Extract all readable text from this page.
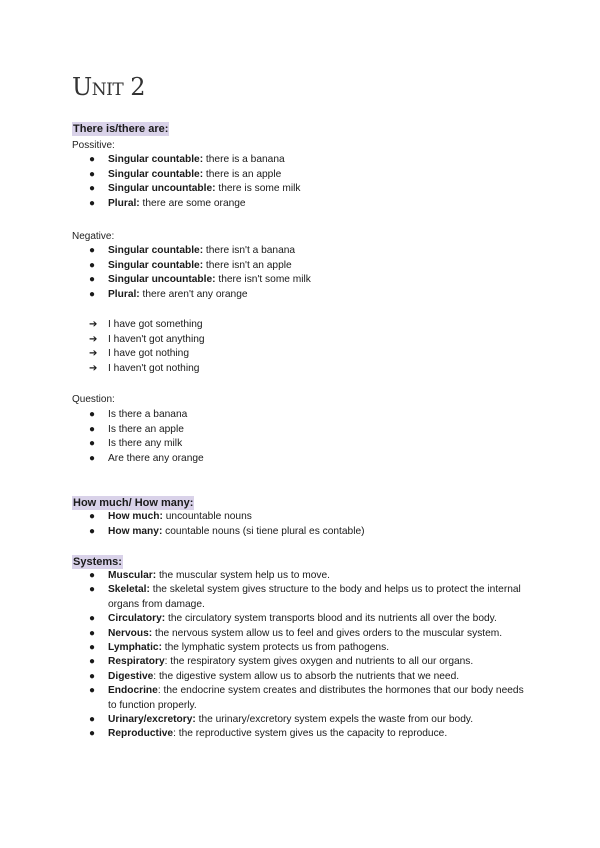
Unit 2
There is/there are:
Possitive:
● Singular countable: there is a banana
● Singular countable: there is an apple
● Singular uncountable: there is some milk
● Plural: there are some orange
Negative:
● Singular countable: there isn't a banana
● Singular countable: there isn't an apple
● Singular uncountable: there isn't some milk
● Plural: there aren't any orange
➔ I have got something
➔ I haven't got anything
➔ I have got nothing
➔ I haven't got nothing
Question:
● Is there a banana
● Is there an apple
● Is there any milk
● Are there any orange
How much/ How many:
● How much: uncountable nouns
● How many: countable nouns (si tiene plural es contable)
Systems:
● Muscular: the muscular system help us to move.
● Skeletal: the skeletal system gives structure to the body and helps us to protect the internal organs from damage.
● Circulatory: the circulatory system transports blood and its nutrients all over the body.
● Nervous: the nervous system allow us to feel and gives orders to the muscular system.
● Lymphatic: the lymphatic system protects us from pathogens.
● Respiratory: the respiratory system gives oxygen and nutrients to all our organs.
● Digestive: the digestive system allow us to absorb the nutrients that we need.
● Endocrine: the endocrine system creates and distributes the hormones that our body needs to function properly.
● Urinary/excretory: the urinary/excretory system expels the waste from our body.
● Reproductive: the reproductive system gives us the capacity to reproduce.
